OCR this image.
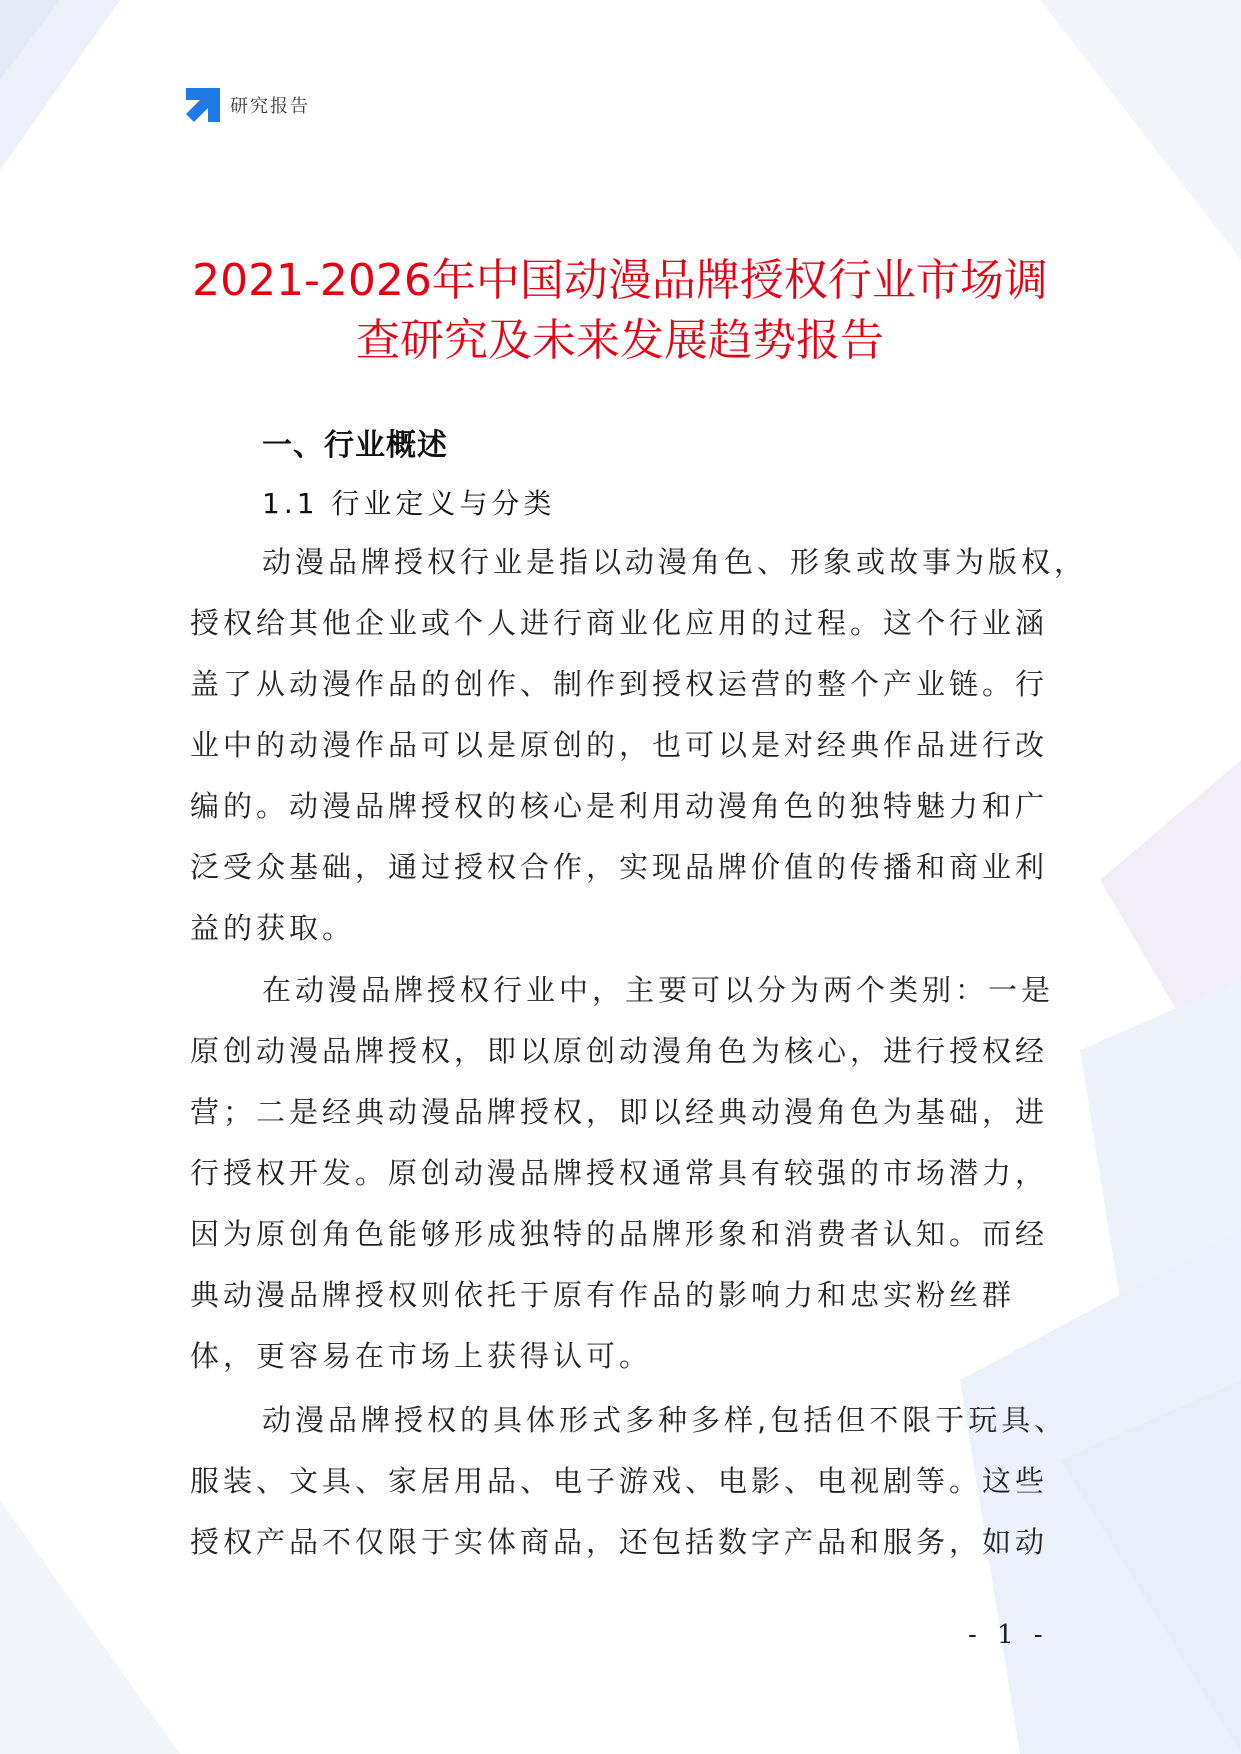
研究报告
2021-2026年中国动漫品牌授权行业市场调
查研究及未来发展趋势报告
一、行业概述
1.1 行业定义与分类
动漫品牌授权行业是指以动漫角色、形象或故事为版权，
授权给其他企业或个人进行商业化应用的过程。这个行业涵
盖了从动漫作品的创作、制作到授权运营的整个产业链。行
业中的动漫作品可以是原创的，也可以是对经典作品进行改
编的。动漫品牌授权的核心是利用动漫角色的独特魅力和广
泛受众基础，通过授权合作，实现品牌价值的传播和商业利
益的获取。
在动漫品牌授权行业中，主要可以分为两个类别：一是
原创动漫品牌授权，即以原创动漫角色为核心，进行授权经
营；二是经典动漫品牌授权，即以经典动漫角色为基础，进
行授权开发。原创动漫品牌授权通常具有较强的市场潜力，
因为原创角色能够形成独特的品牌形象和消费者认知。而经
典动漫品牌授权则依托于原有作品的影响力和忠实粉丝群
体，更容易在市场上获得认可。
动漫品牌授权的具体形式多种多样,包括但不限于玩具、
服装、文具、家居用品、电子游戏、电影、电视剧等。这些
授权产品不仅限于实体商品，还包括数字产品和服务，如动
- 1 -
